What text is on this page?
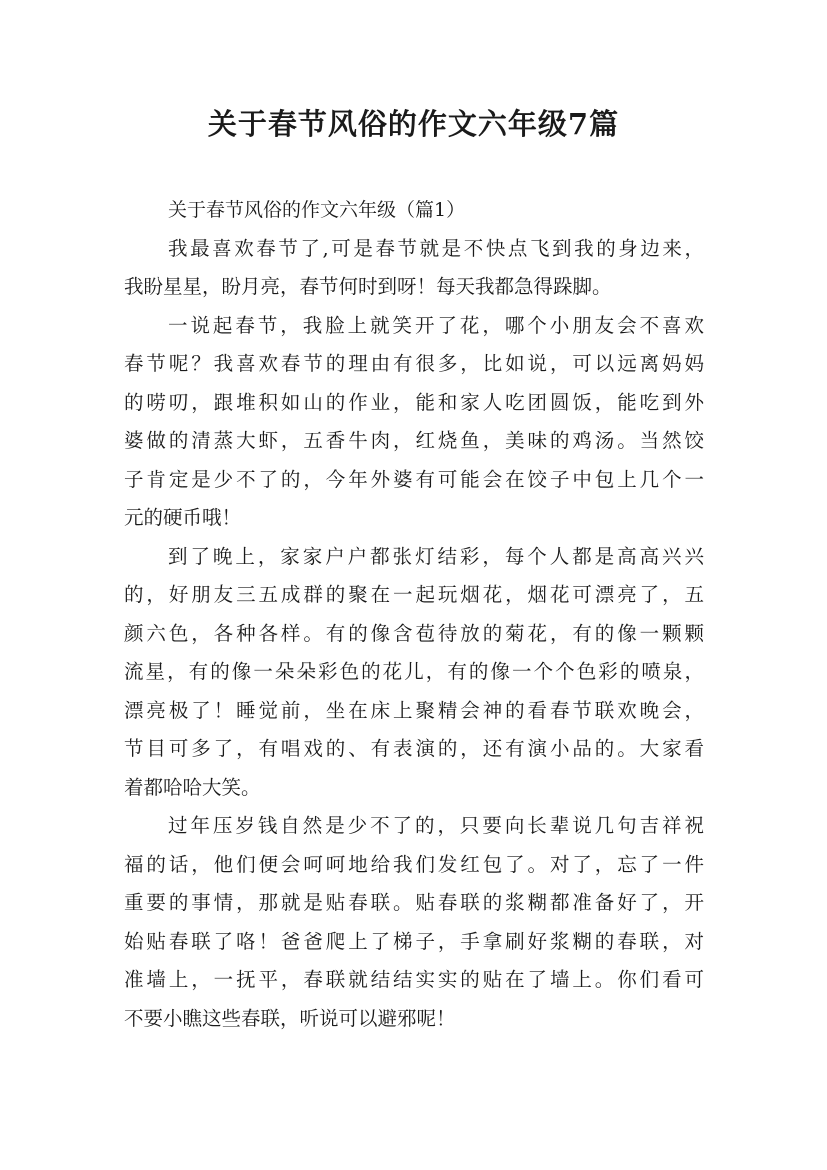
关于春节风俗的作文六年级7篇

关于春节风俗的作文六年级（篇1）

我最喜欢春节了,可是春节就是不快点飞到我的身边来，
我盼星星，盼月亮，春节何时到呀！每天我都急得跺脚。

一说起春节，我脸上就笑开了花，哪个小朋友会不喜欢
春节呢？我喜欢春节的理由有很多，比如说，可以远离妈妈
的唠叨，跟堆积如山的作业，能和家人吃团圆饭，能吃到外
婆做的清蒸大虾，五香牛肉，红烧鱼，美味的鸡汤。当然饺
子肯定是少不了的，今年外婆有可能会在饺子中包上几个一
元的硬币哦！

到了晚上，家家户户都张灯结彩，每个人都是高高兴兴
的，好朋友三五成群的聚在一起玩烟花，烟花可漂亮了，五
颜六色，各种各样。有的像含苞待放的菊花，有的像一颗颗
流星，有的像一朵朵彩色的花儿，有的像一个个色彩的喷泉，
漂亮极了！睡觉前，坐在床上聚精会神的看春节联欢晚会，
节目可多了，有唱戏的、有表演的，还有演小品的。大家看
着都哈哈大笑。

过年压岁钱自然是少不了的，只要向长辈说几句吉祥祝
福的话，他们便会呵呵地给我们发红包了。对了，忘了一件
重要的事情，那就是贴春联。贴春联的浆糊都准备好了，开
始贴春联了咯！爸爸爬上了梯子，手拿刷好浆糊的春联，对
准墙上，一抚平，春联就结结实实的贴在了墙上。你们看可
不要小瞧这些春联，听说可以避邪呢！
